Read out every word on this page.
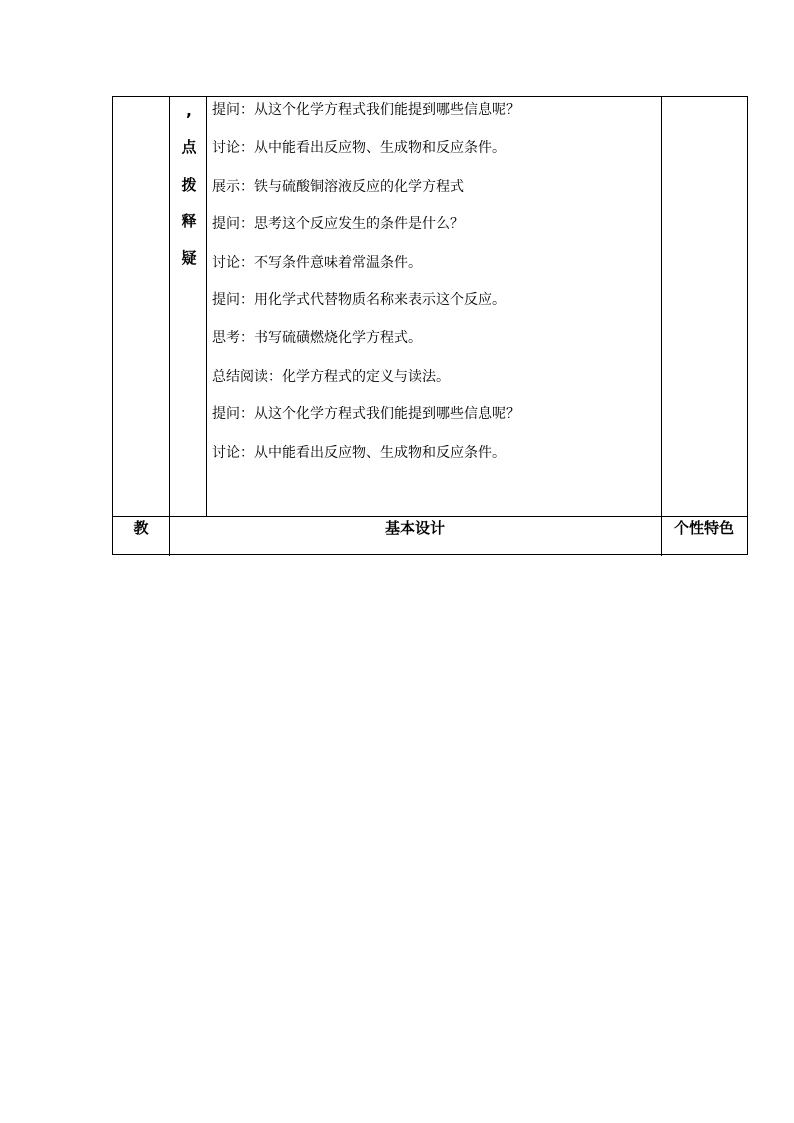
,
点
拨
释
疑
提问：从这个化学方程式我们能提到哪些信息呢？
讨论：从中能看出反应物、生成物和反应条件。
展示：铁与硫酸铜溶液反应的化学方程式
提问：思考这个反应发生的条件是什么？
讨论：不写条件意味着常温条件。
提问：用化学式代替物质名称来表示这个反应。
思考：书写硫磺燃烧化学方程式。
总结阅读：化学方程式的定义与读法。
提问：从这个化学方程式我们能提到哪些信息呢？
讨论：从中能看出反应物、生成物和反应条件。
教	基本设计	个性特色
